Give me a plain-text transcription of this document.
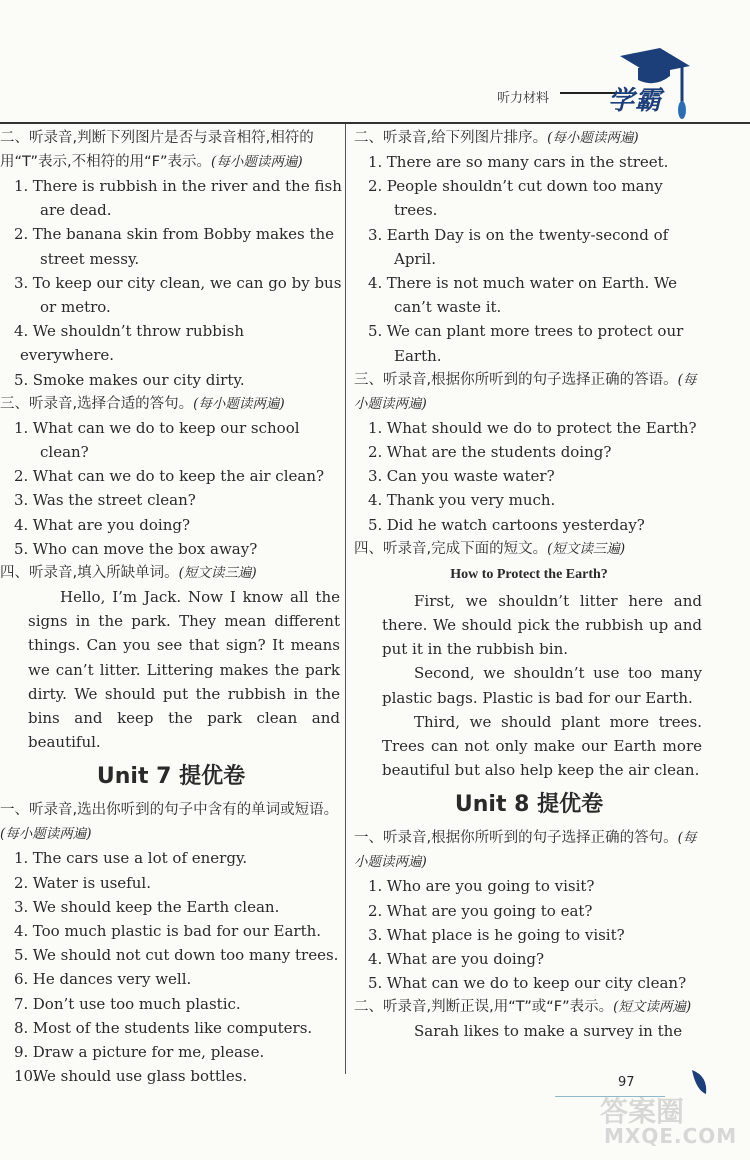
听力材料 学霸
二、听录音,判断下列图片是否与录音相符,相符的用“T”表示,不相符的用“F”表示。(每小题读两遍)
1. There is rubbish in the river and the fish
are dead.
2. The banana skin from Bobby makes the
street messy.
3. To keep our city clean, we can go by bus
or metro.
4. We shouldn’t throw rubbish everywhere.
5. Smoke makes our city dirty.
三、听录音,选择合适的答句。(每小题读两遍)
1. What can we do to keep our school
clean?
2. What can we do to keep the air clean?
3. Was the street clean?
4. What are you doing?
5. Who can move the box away?
四、听录音,填入所缺单词。(短文读三遍)

Hello, I’m Jack. Now I know all the signs in the park. They mean different things. Can you see that sign? It means we can’t litter. Littering makes the park dirty. We should put the rubbish in the bins and keep the park clean and beautiful.

Unit 7 提优卷
一、听录音,选出你听到的句子中含有的单词或短语。(每小题读两遍)
1. The cars use a lot of energy.
2. Water is useful.
3. We should keep the Earth clean.
4. Too much plastic is bad for our Earth.
5. We should not cut down too many trees.
6. He dances very well.
7. Don’t use too much plastic.
8. Most of the students like computers.
9. Draw a picture for me, please.
10. We should use glass bottles.
二、听录音,给下列图片排序。(每小题读两遍)
1. There are so many cars in the street.
2. People shouldn’t cut down too many
trees.
3. Earth Day is on the twenty-second of
April.
4. There is not much water on Earth. We
can’t waste it.
5. We can plant more trees to protect our
Earth.
三、听录音,根据你所听到的句子选择正确的答语。(每小题读两遍)
1. What should we do to protect the Earth?
2. What are the students doing?
3. Can you waste water?
4. Thank you very much.
5. Did he watch cartoons yesterday?
四、听录音,完成下面的短文。(短文读三遍)
How to Protect the Earth?

First, we shouldn’t litter here and there. We should pick the rubbish up and put it in the rubbish bin.

Second, we shouldn’t use too many plastic bags. Plastic is bad for our Earth.

Third, we should plant more trees. Trees can not only make our Earth more beautiful but also help keep the air clean.

Unit 8 提优卷
一、听录音,根据你所听到的句子选择正确的答句。(每小题读两遍)
1. Who are you going to visit?
2. What are you going to eat?
3. What place is he going to visit?
4. What are you doing?
5. What can we do to keep our city clean?
二、听录音,判断正误,用“T”或“F”表示。(短文读两遍)

Sarah likes to make a survey in the

97
答案圈
MXQE.COM
